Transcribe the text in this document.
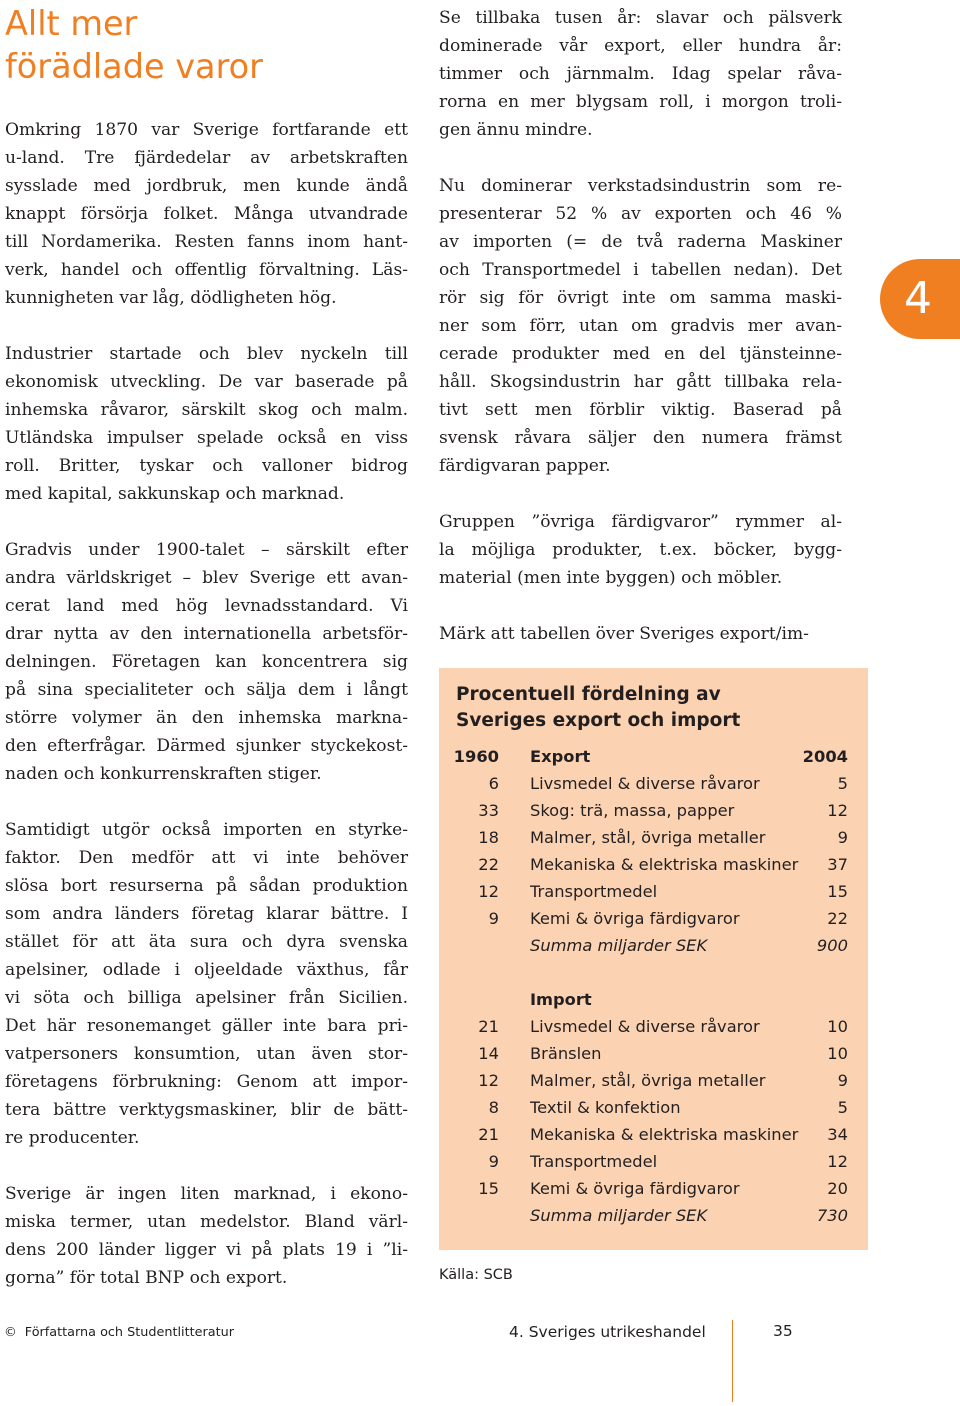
Allt mer
förädlade varor

Omkring 1870 var Sverige fortfarande ett
u-land. Tre fjärdedelar av arbetskraften
sysslade med jordbruk, men kunde ändå
knappt försörja folket. Många utvandrade
till Nordamerika. Resten fanns inom hant-
verk, handel och offentlig förvaltning. Läs-
kunnigheten var låg, dödligheten hög.

Industrier startade och blev nyckeln till
ekonomisk utveckling. De var baserade på
inhemska råvaror, särskilt skog och malm.
Utländska impulser spelade också en viss
roll. Britter, tyskar och valloner bidrog
med kapital, sakkunskap och marknad.

Gradvis under 1900-talet – särskilt efter
andra världskriget – blev Sverige ett avan-
cerat land med hög levnadsstandard. Vi
drar nytta av den internationella arbetsför-
delningen. Företagen kan koncentrera sig
på sina specialiteter och sälja dem i långt
större volymer än den inhemska markna-
den efterfrågar. Därmed sjunker styckekost-
naden och konkurrenskraften stiger.

Samtidigt utgör också importen en styrke-
faktor. Den medför att vi inte behöver
slösa bort resurserna på sådan produktion
som andra länders företag klarar bättre. I
stället för att äta sura och dyra svenska
apelsiner, odlade i oljeeldade växthus, får
vi söta och billiga apelsiner från Sicilien.
Det här resonemanget gäller inte bara pri-
vatpersoners konsumtion, utan även stor-
företagens förbrukning: Genom att impor-
tera bättre verktygsmaskiner, blir de bätt-
re producenter.

Sverige är ingen liten marknad, i ekono-
miska termer, utan medelstor. Bland värl-
dens 200 länder ligger vi på plats 19 i ”li-
gorna” för total BNP och export.

Se tillbaka tusen år: slavar och pälsverk
dominerade vår export, eller hundra år:
timmer och järnmalm. Idag spelar råva-
rorna en mer blygsam roll, i morgon troli-
gen ännu mindre.

Nu dominerar verkstadsindustrin som re-
presenterar 52 % av exporten och 46 %
av importen (= de två raderna Maskiner
och Transportmedel i tabellen nedan). Det
rör sig för övrigt inte om samma maski-
ner som förr, utan om gradvis mer avan-
cerade produkter med en del tjänsteinne-
håll. Skogsindustrin har gått tillbaka rela-
tivt sett men förblir viktig. Baserad på
svensk råvara säljer den numera främst
färdigvaran papper.

Gruppen ”övriga färdigvaror” rymmer al-
la möjliga produkter, t.ex. böcker, bygg-
material (men inte byggen) och möbler.

Märk att tabellen över Sveriges export/im-

4
Procentuell fördelning av
Sveriges export och import
1960 Export	2004
6 Livsmedel & diverse råvaror	5
33 Skog: trä, massa, papper	12
18 Malmer, stål, övriga metaller	9
22 Mekaniska & elektriska maskiner	37
12 Transportmedel	15
9 Kemi & övriga färdigvaror	22
Summa miljarder SEK	900
Import
21 Livsmedel & diverse råvaror	10
14 Bränslen	10
12 Malmer, stål, övriga metaller	9
8 Textil & konfektion	5
21 Mekaniska & elektriska maskiner	34
9 Transportmedel	12
15 Kemi & övriga färdigvaror	20
Summa miljarder SEK	730
Källa: SCB
© Författarna och Studentlitteratur	4. Sveriges utrikeshandel	35
